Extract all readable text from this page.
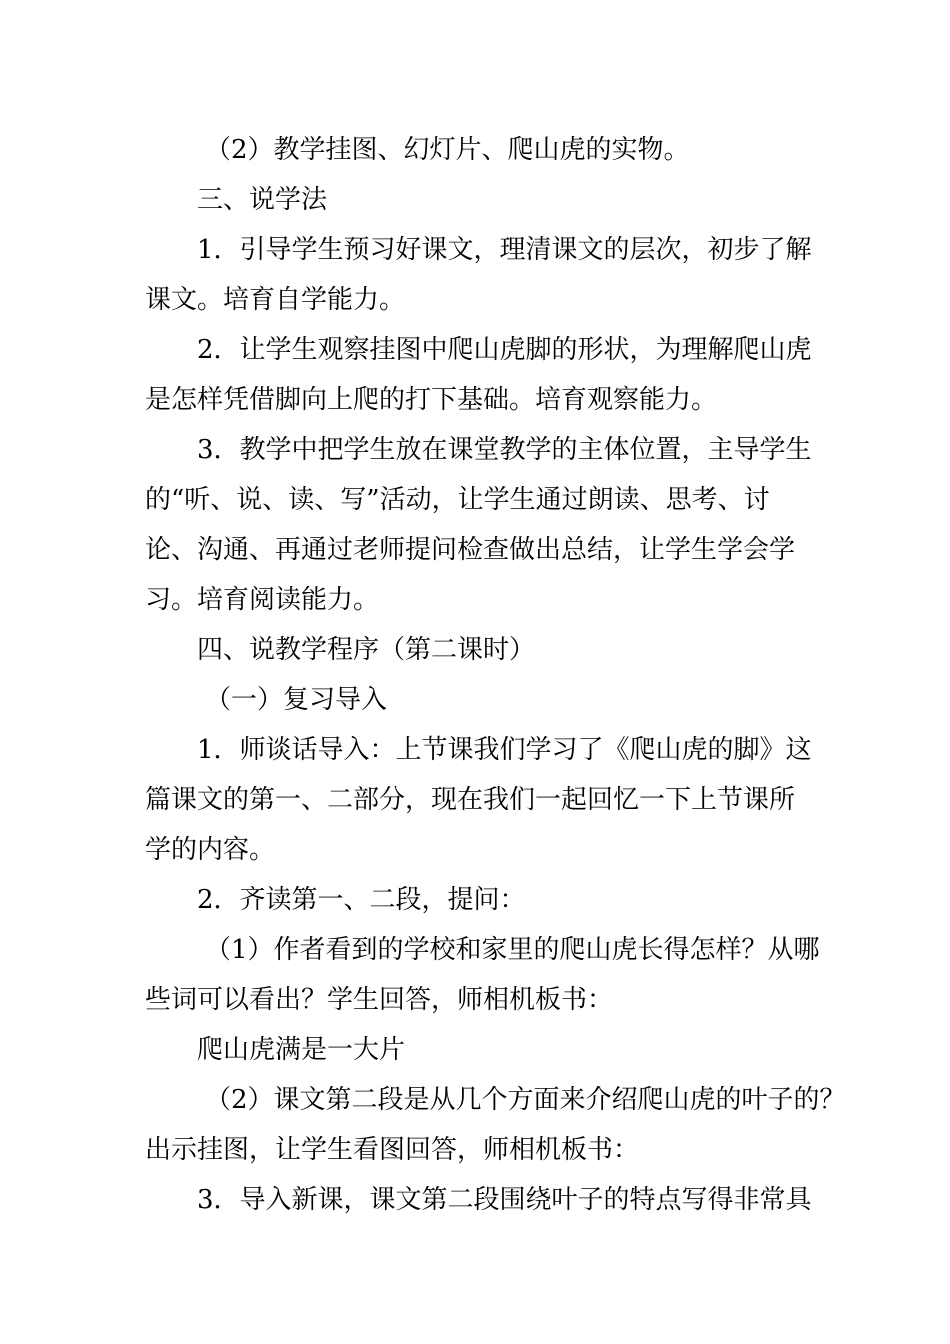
（2）教学挂图、幻灯片、爬山虎的实物。
三、说学法
1．引导学生预习好课文，理清课文的层次，初步了解
课文。培育自学能力。
2．让学生观察挂图中爬山虎脚的形状，为理解爬山虎
是怎样凭借脚向上爬的打下基础。培育观察能力。
3．教学中把学生放在课堂教学的主体位置，主导学生
的“听、说、读、写”活动，让学生通过朗读、思考、讨
论、沟通、再通过老师提问检查做出总结，让学生学会学
习。培育阅读能力。
四、说教学程序（第二课时）
（一）复习导入
1．师谈话导入：上节课我们学习了《爬山虎的脚》这
篇课文的第一、二部分，现在我们一起回忆一下上节课所
学的内容。
2．齐读第一、二段，提问：
（1）作者看到的学校和家里的爬山虎长得怎样？从哪
些词可以看出？学生回答，师相机板书：
爬山虎满是一大片
（2）课文第二段是从几个方面来介绍爬山虎的叶子的？
出示挂图，让学生看图回答，师相机板书：
3．导入新课，课文第二段围绕叶子的特点写得非常具
